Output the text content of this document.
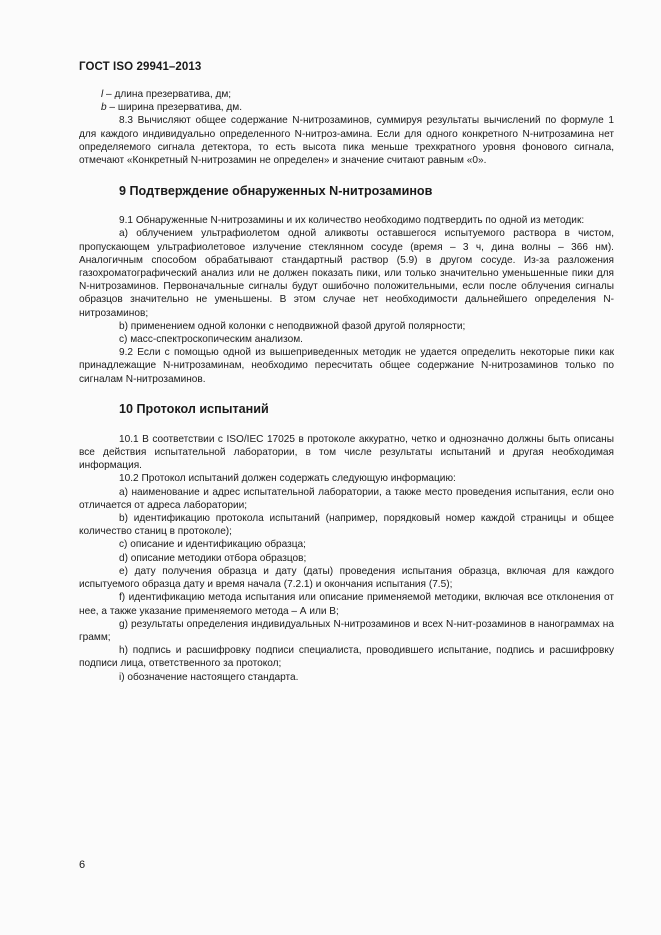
ГОСТ ISO 29941–2013

l – длина презерватива, дм;

b – ширина презерватива, дм.

8.3 Вычисляют общее содержание N-нитрозаминов, суммируя результаты вычислений по формуле 1 для каждого индивидуально определенного N-нитроз-амина. Если для одного конкретного N-нитрозамина нет определяемого сигнала детектора, то есть высота пика меньше трехкратного уровня фонового сигнала, отмечают «Конкретный N-нитрозамин не определен» и значение считают равным «0».

9 Подтверждение обнаруженных N-нитрозаминов

9.1 Обнаруженные N-нитрозамины и их количество необходимо подтвердить по одной из методик:

a) облучением ультрафиолетом одной аликвоты оставшегося испытуемого раствора в чистом, пропускающем ультрафиолетовое излучение стеклянном сосуде (время – 3 ч, дина волны – 366 нм). Аналогичным способом обрабатывают стандартный раствор (5.9) в другом сосуде. Из-за разложения газохроматографический анализ или не должен показать пики, или только значительно уменьшенные пики для N-нитрозаминов. Первоначальные сигналы будут ошибочно положительными, если после облучения сигналы образцов значительно не уменьшены. В этом случае нет необходимости дальнейшего определения N-нитрозаминов;

b) применением одной колонки с неподвижной фазой другой полярности;

c) масс-спектроскопическим анализом.

9.2 Если с помощью одной из вышеприведенных методик не удается определить некоторые пики как принадлежащие N-нитрозаминам, необходимо пересчитать общее содержание N-нитрозаминов только по сигналам N-нитрозаминов.

10 Протокол испытаний

10.1 В соответствии с ISO/IEC 17025 в протоколе аккуратно, четко и однозначно должны быть описаны все действия испытательной лаборатории, в том числе результаты испытаний и другая необходимая информация.

10.2 Протокол испытаний должен содержать следующую информацию:

a) наименование и адрес испытательной лаборатории, а также место проведения испытания, если оно отличается от адреса лаборатории;

b) идентификацию протокола испытаний (например, порядковый номер каждой страницы и общее количество станиц в протоколе);

c) описание и идентификацию образца;

d) описание методики отбора образцов;

e) дату получения образца и дату (даты) проведения испытания образца, включая для каждого испытуемого образца дату и время начала (7.2.1) и окончания испытания (7.5);

f) идентификацию метода испытания или описание применяемой методики, включая все отклонения от нее, а также указание применяемого метода – А или В;

g) результаты определения индивидуальных N-нитрозаминов и всех N-нит-розаминов в нанограммах на грамм;

h) подпись и расшифровку подписи специалиста, проводившего испытание, подпись и расшифровку подписи лица, ответственного за протокол;

i) обозначение настоящего стандарта.

6
